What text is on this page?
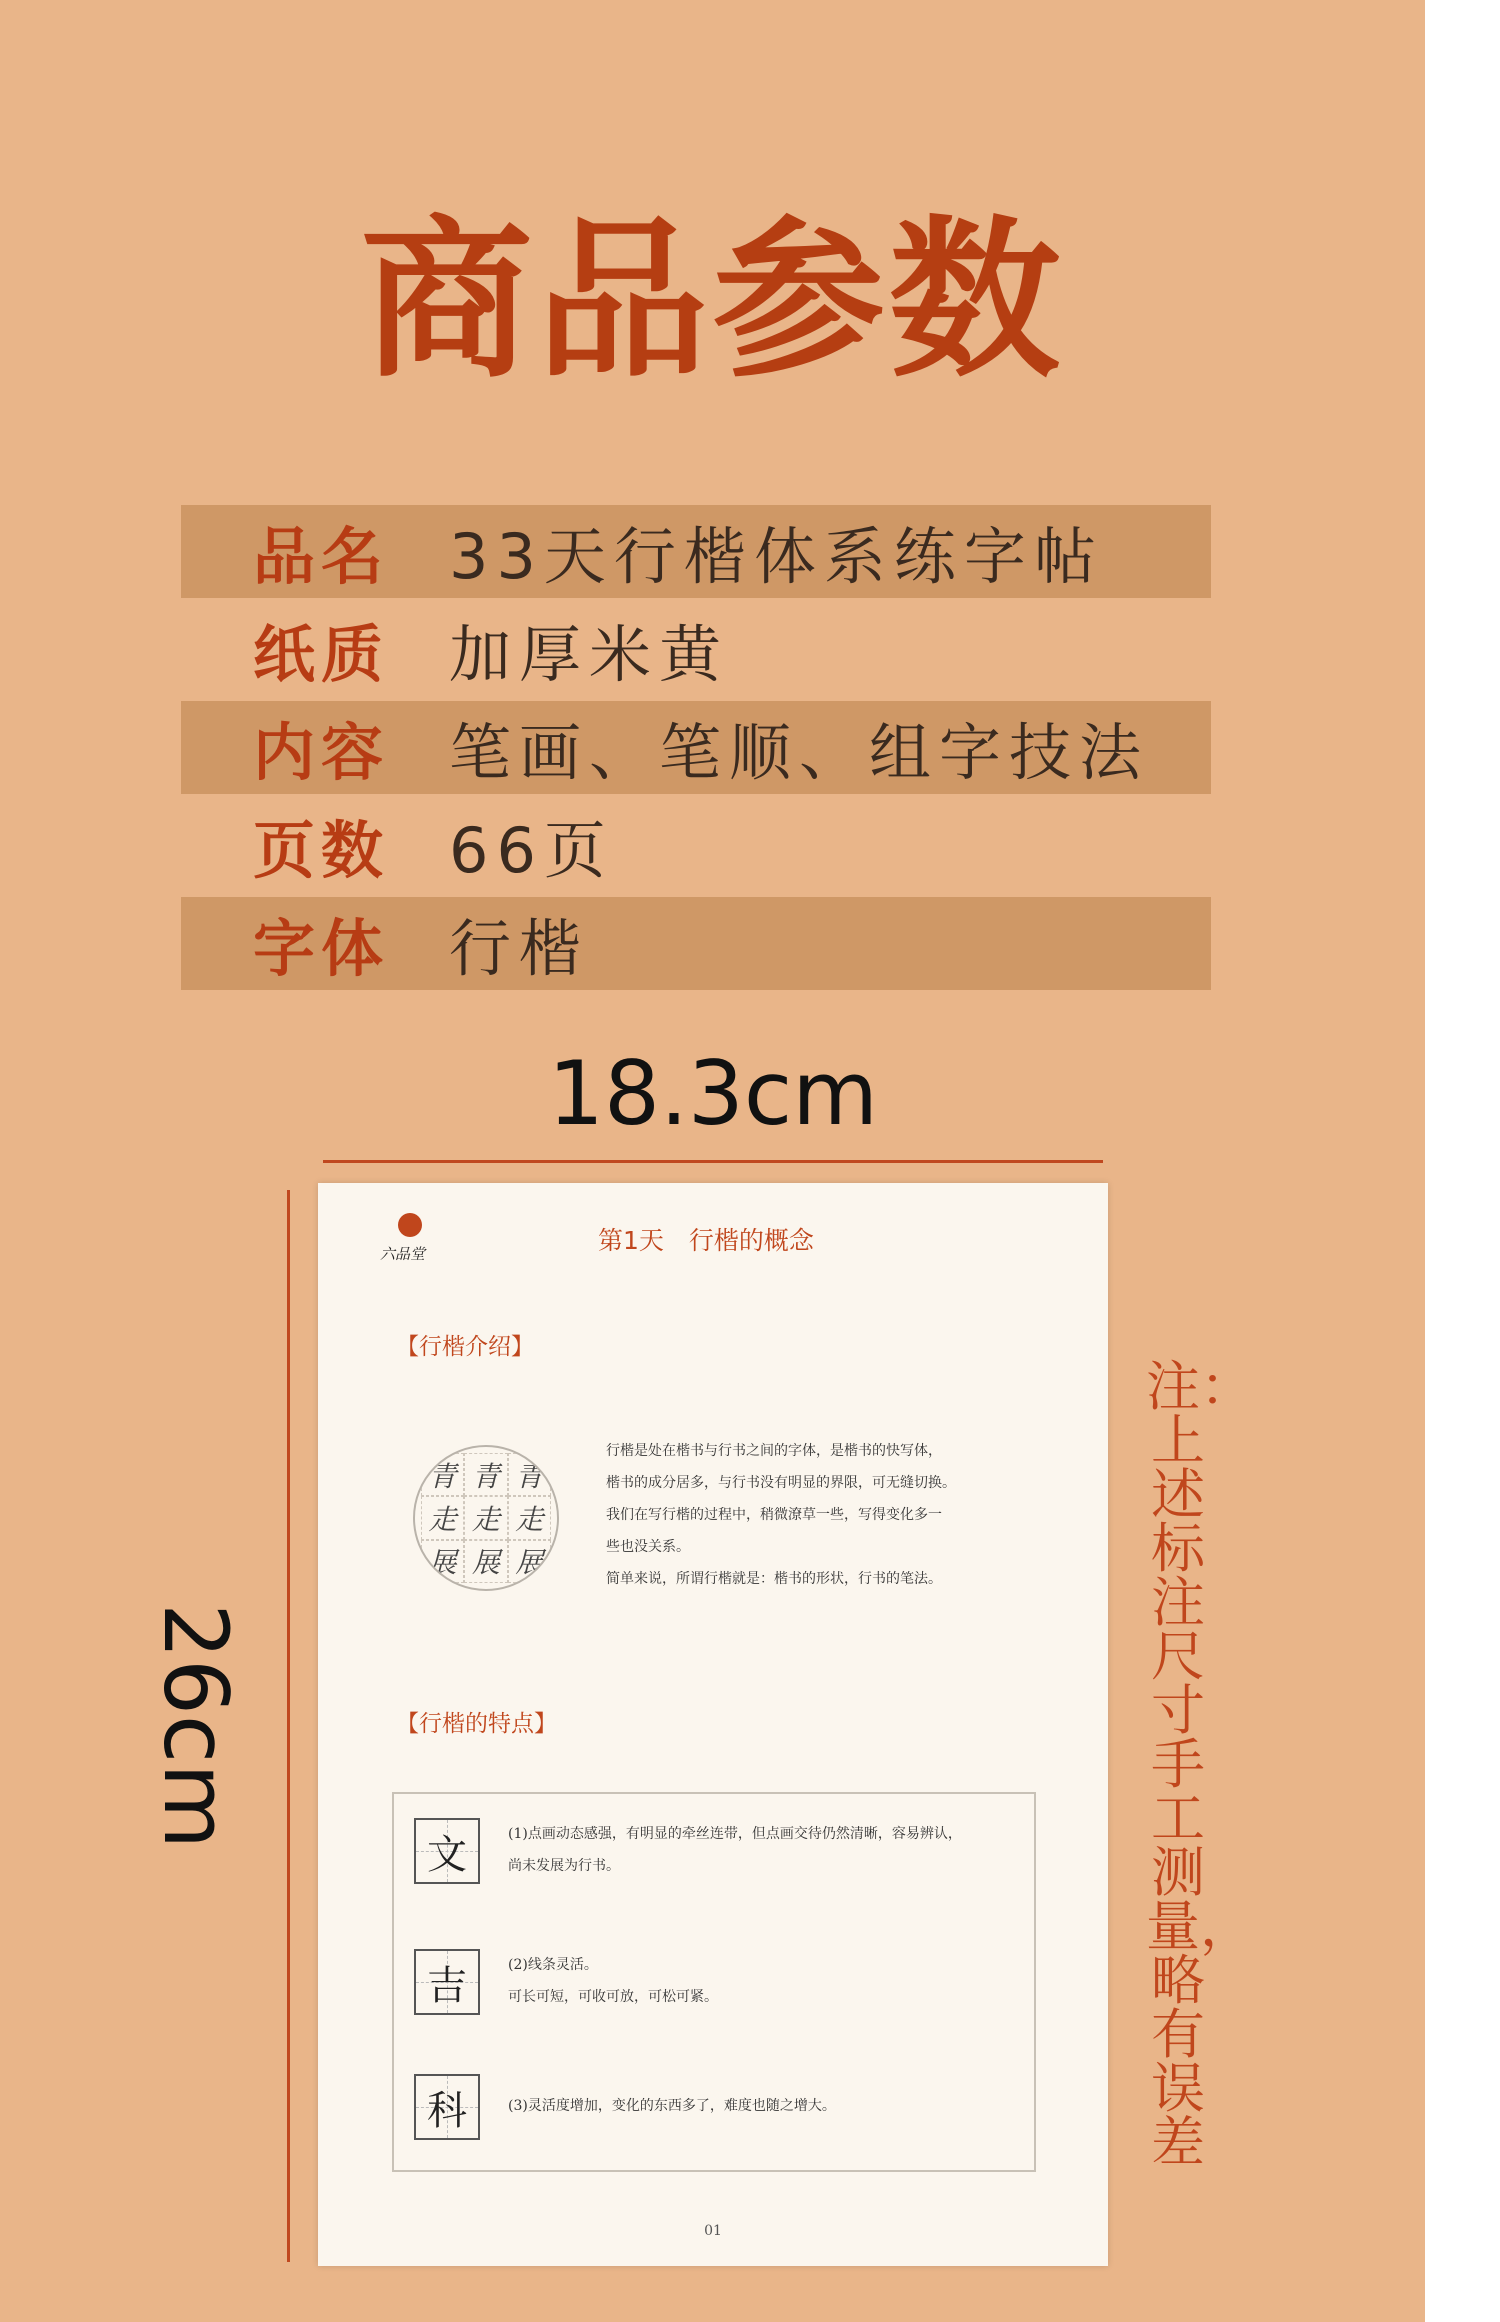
商品参数
品名 33天行楷体系练字帖
纸质 加厚米黄
内容 笔画、笔顺、组字技法
页数 66页
字体 行楷
18.3cm
26cm
注：上述标注尺寸手工测量，略有误差
六品堂	第1天　行楷的概念
【行楷介绍】
青 青 青
走 走 走
展 展 展

行楷是处在楷书与行书之间的字体，是楷书的快写体，

楷书的成分居多，与行书没有明显的界限，可无缝切换。

我们在写行楷的过程中，稍微潦草一些，写得变化多一

些也没关系。

简单来说，所谓行楷就是：楷书的形状，行书的笔法。

【行楷的特点】
文	(1)点画动态感强，有明显的牵丝连带，但点画交待仍然清晰，容易辨认，

尚未发展为行书。

吉	(2)线条灵活。

可长可短，可收可放，可松可紧。

科	(3)灵活度增加，变化的东西多了，难度也随之增大。

01
